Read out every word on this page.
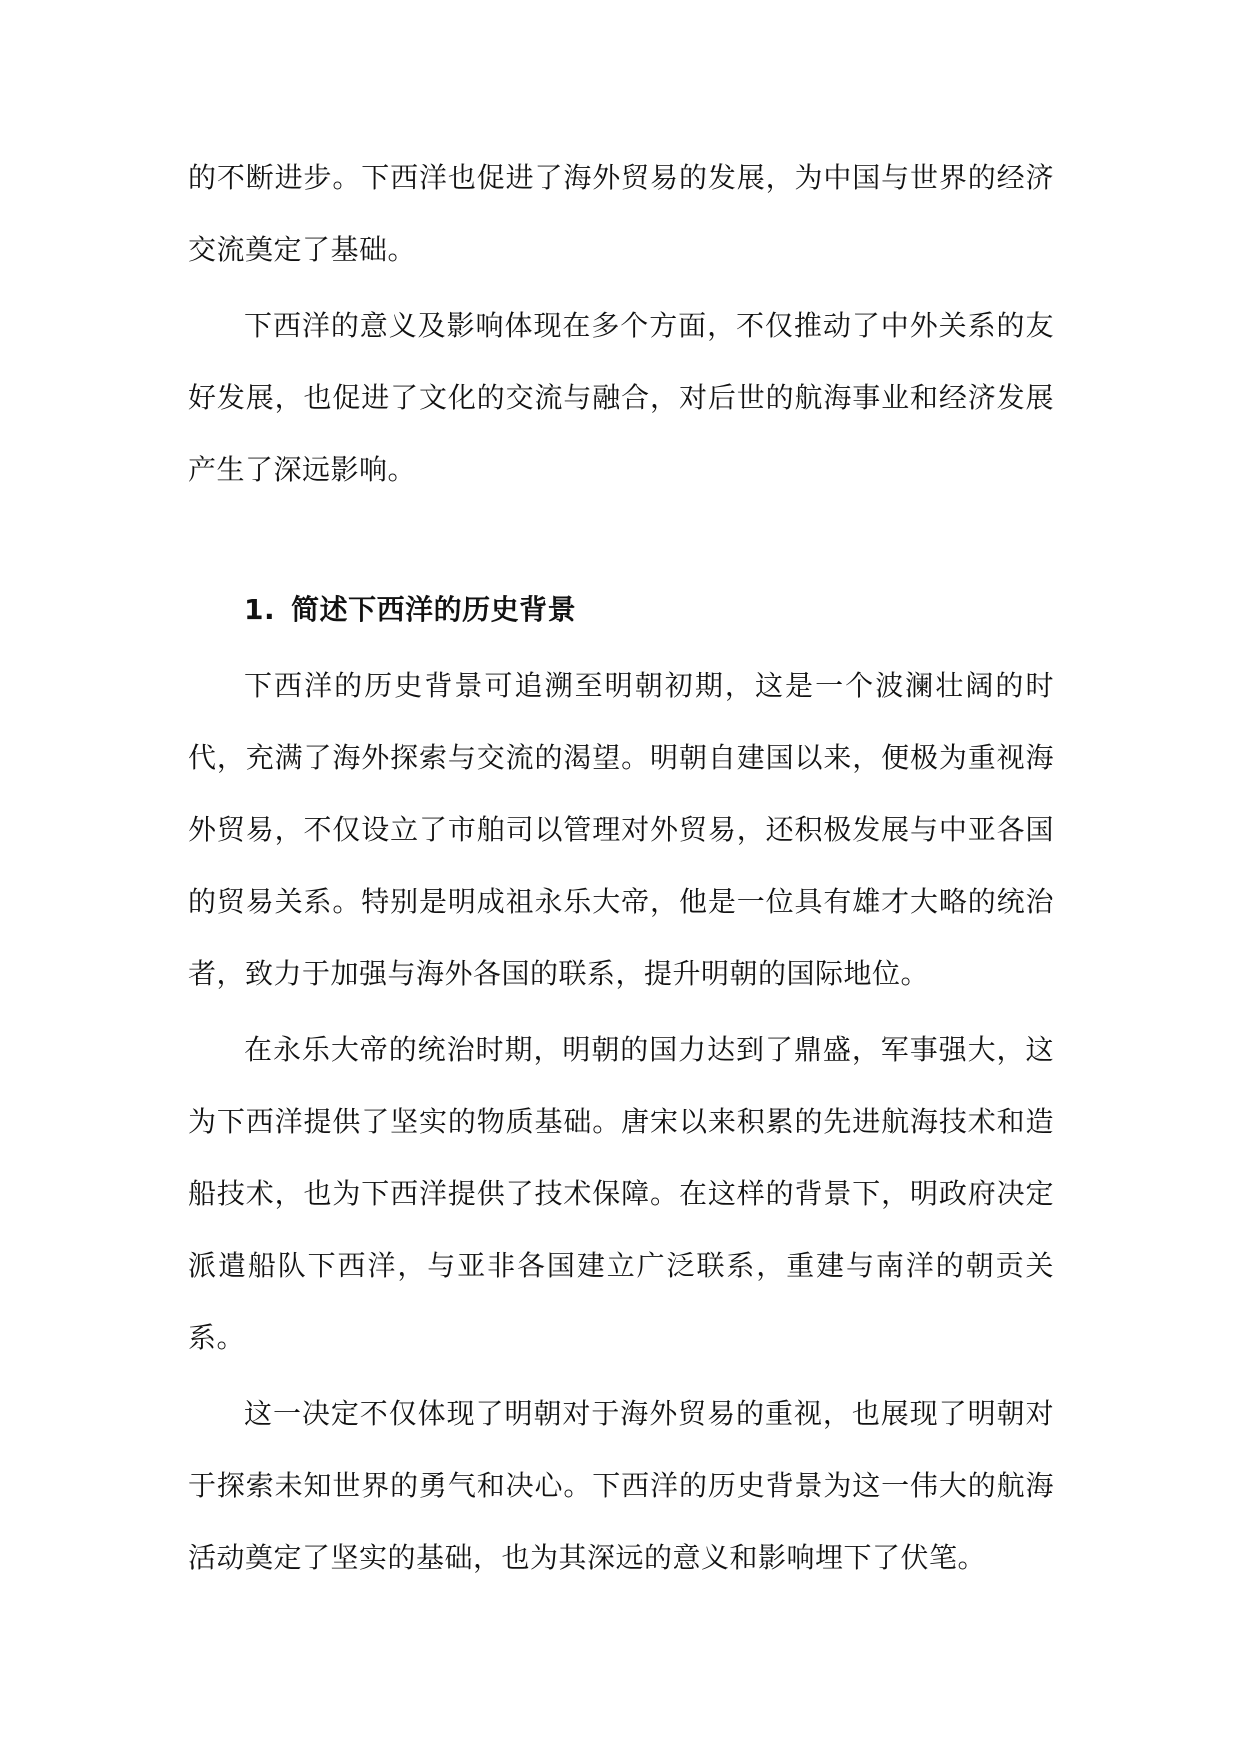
的不断进步。下西洋也促进了海外贸易的发展，为中国与世界的经济交流奠定了基础。

下西洋的意义及影响体现在多个方面，不仅推动了中外关系的友好发展，也促进了文化的交流与融合，对后世的航海事业和经济发展产生了深远影响。

1. 简述下西洋的历史背景

下西洋的历史背景可追溯至明朝初期，这是一个波澜壮阔的时代，充满了海外探索与交流的渴望。明朝自建国以来，便极为重视海外贸易，不仅设立了市舶司以管理对外贸易，还积极发展与中亚各国的贸易关系。特别是明成祖永乐大帝，他是一位具有雄才大略的统治者，致力于加强与海外各国的联系，提升明朝的国际地位。

在永乐大帝的统治时期，明朝的国力达到了鼎盛，军事强大，这为下西洋提供了坚实的物质基础。唐宋以来积累的先进航海技术和造船技术，也为下西洋提供了技术保障。在这样的背景下，明政府决定派遣船队下西洋，与亚非各国建立广泛联系，重建与南洋的朝贡关系。

这一决定不仅体现了明朝对于海外贸易的重视，也展现了明朝对于探索未知世界的勇气和决心。下西洋的历史背景为这一伟大的航海活动奠定了坚实的基础，也为其深远的意义和影响埋下了伏笔。
